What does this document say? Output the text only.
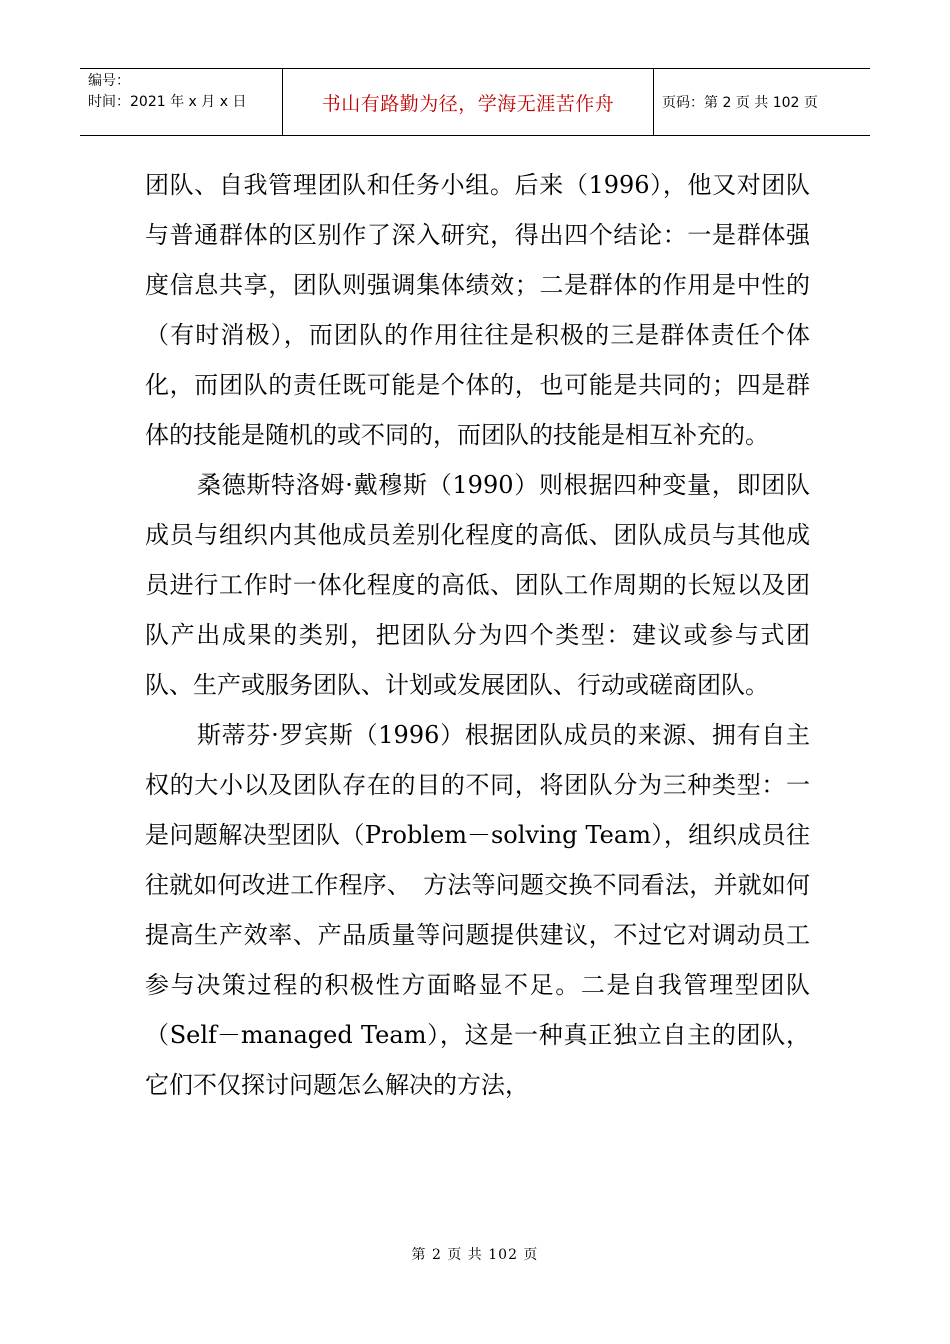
编号：
时间：2021 年 x 月 x 日	书山有路勤为径，学海无涯苦作舟	页码：第 2 页 共 102 页

团队、自我管理团队和任务小组。后来（1996），他又对团队与普通群体的区别作了深入研究，得出四个结论：一是群体强度信息共享，团队则强调集体绩效；二是群体的作用是中性的（有时消极），而团队的作用往往是积极的三是群体责任个体化，而团队的责任既可能是个体的，也可能是共同的；四是群体的技能是随机的或不同的，而团队的技能是相互补充的。

桑德斯特洛姆·戴穆斯（1990）则根据四种变量，即团队成员与组织内其他成员差别化程度的高低、团队成员与其他成员进行工作时一体化程度的高低、团队工作周期的长短以及团队产出成果的类别，把团队分为四个类型：建议或参与式团队、生产或服务团队、计划或发展团队、行动或磋商团队。

斯蒂芬·罗宾斯（1996）根据团队成员的来源、拥有自主权的大小以及团队存在的目的不同，将团队分为三种类型：一是问题解决型团队（Problem－solving Team），组织成员往往就如何改进工作程序、　方法等问题交换不同看法，并就如何提高生产效率、产品质量等问题提供建议，不过它对调动员工参与决策过程的积极性方面略显不足。二是自我管理型团队（Self－managed Team），这是一种真正独立自主的团队，它们不仅探讨问题怎么解决的方法，

第 2 页 共 102 页
